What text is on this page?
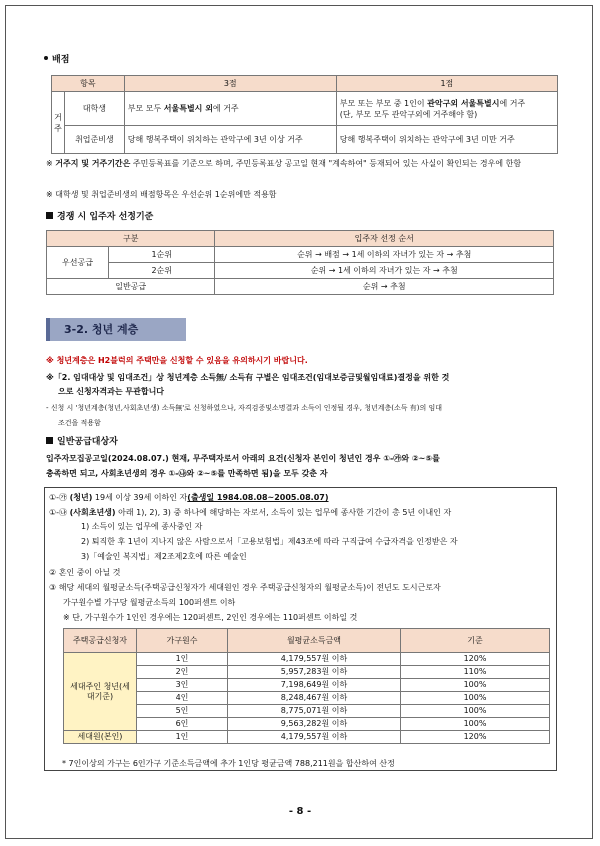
배점
항목		3점	1점
거주	대학생	부모 모두 서울특별시 외에 거주	부모 또는 부모 중 1인이 관악구외 서울특별시에 거주
(단, 부모 모두 관악구외에 거주해야 함)
	취업준비생	당해 행복주택이 위치하는 관악구에 3년 이상 거주	당해 행복주택이 위치하는 관악구에 3년 미만 거주
※ 거주지 및 거주기간은 주민등록표를 기준으로 하며, 주민등록표상 공고일 현재 "계속하여" 등재되어 있는 사실이 확인되는 경우에 한함
※ 대학생 및 취업준비생의 배점항목은 우선순위 1순위에만 적용함
경쟁 시 입주자 선정기준
구분		입주자 선정 순서
우선공급	1순위	순위 → 배점 → 1세 이하의 자녀가 있는 자 → 추첨
	2순위	순위 → 1세 이하의 자녀가 있는 자 → 추첨
일반공급		순위 → 추첨
3-2. 청년 계층
※ 청년계층은 H2블럭의 주택만을 신청할 수 있음을 유의하시기 바랍니다.
※「2. 임대대상 및 임대조건」상 청년계층 소득無/ 소득有 구별은 임대조건(임대보증금및월임대료)결정을 위한 것
으로 신청자격과는 무관합니다
- 신청 시 '청년계층(청년,사회초년생) 소득無'로 신청하였으나, 자격검증및소명결과 소득이 인정될 경우, 청년계층(소득 有)의 임대
조건을 적용함
일반공급대상자
입주자모집공고일(2024.08.07.) 현재, 무주택자로서 아래의 요건(신청자 본인이 청년인 경우 ①-㉮와 ②~⑤를
충족하면 되고, 사회초년생의 경우 ①-㉯와 ②~⑤를 만족하면 됨)을 모두 갖춘 자
①-㉮ (청년) 19세 이상 39세 이하인 자(출생일 1984.08.08~2005.08.07)
①-㉯ (사회초년생) 아래 1), 2), 3) 중 하나에 해당하는 자로서, 소득이 있는 업무에 종사한 기간이 총 5년 이내인 자
1) 소득이 있는 업무에 종사중인 자
2) 퇴직한 후 1년이 지나지 않은 사람으로서「고용보험법」제43조에 따라 구직급여 수급자격을 인정받은 자
3)「예술인 복지법」제2조제2호에 따른 예술인
② 혼인 중이 아닐 것
③ 해당 세대의 월평균소득(주택공급신청자가 세대원인 경우 주택공급신청자의 월평균소득)이 전년도 도시근로자
가구원수별 가구당 월평균소득의 100퍼센트 이하
※ 단, 가구원수가 1인인 경우에는 120퍼센트, 2인인 경우에는 110퍼센트 이하일 것
주택공급신청자	가구원수	월평균소득금액	기준
세대주인 청년(세대기준)	1인	4,179,557원 이하	120%
	2인	5,957,283원 이하	110%
	3인	7,198,649원 이하	100%
	4인	8,248,467원 이하	100%
	5인	8,775,071원 이하	100%
	6인	9,563,282원 이하	100%
세대원(본인)	1인	4,179,557원 이하	120%
* 7인이상의 가구는 6인가구 기준소득금액에 추가 1인당 평균금액 788,211원을 합산하여 산정
- 8 -
